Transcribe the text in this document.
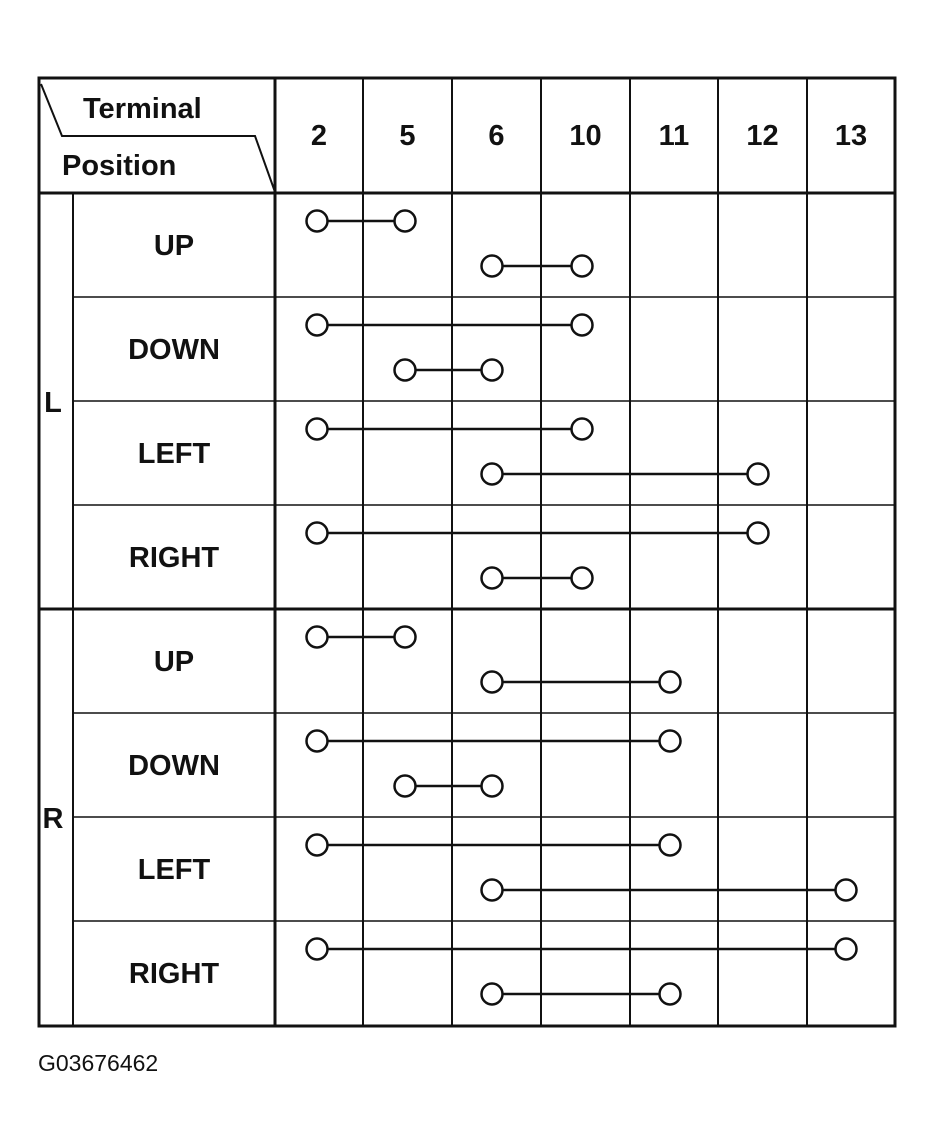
Terminal
Position
2 5	6 10 11 12 13
L
R
UP
DOWN
LEFT
RIGHT
UP
DOWN
LEFT
RIGHT
G03676462
